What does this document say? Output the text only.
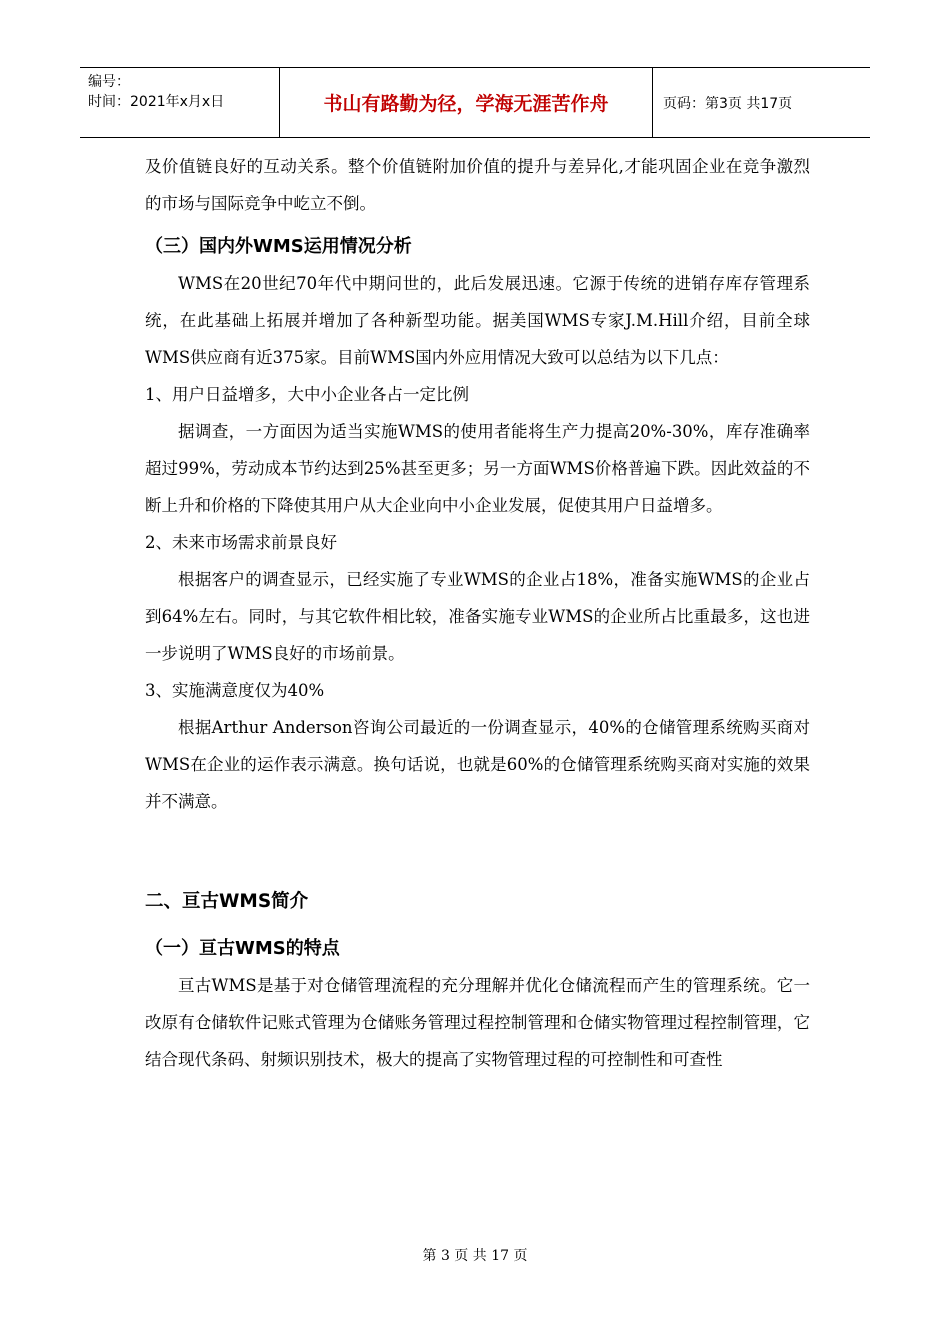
编号：
时间：2021年x月x日	书山有路勤为径，学海无涯苦作舟	页码：第3页 共17页

及价值链良好的互动关系。整个价值链附加价值的提升与差异化,才能巩固企业在竞争激烈的市场与国际竞争中屹立不倒。

（三）国内外WMS运用情况分析

WMS在20世纪70年代中期问世的，此后发展迅速。它源于传统的进销存库存管理系统，在此基础上拓展并增加了各种新型功能。据美国WMS专家J.M.Hill介绍，目前全球WMS供应商有近375家。目前WMS国内外应用情况大致可以总结为以下几点：

1、用户日益增多，大中小企业各占一定比例

据调查，一方面因为适当实施WMS的使用者能将生产力提高20%-30%，库存准确率超过99%，劳动成本节约达到25%甚至更多；另一方面WMS价格普遍下跌。因此效益的不断上升和价格的下降使其用户从大企业向中小企业发展，促使其用户日益增多。

2、未来市场需求前景良好

根据客户的调查显示，已经实施了专业WMS的企业占18%，准备实施WMS的企业占到64%左右。同时，与其它软件相比较，准备实施专业WMS的企业所占比重最多，这也进一步说明了WMS良好的市场前景。

3、实施满意度仅为40%

根据Arthur Anderson咨询公司最近的一份调查显示，40%的仓储管理系统购买商对WMS在企业的运作表示满意。换句话说，也就是60%的仓储管理系统购买商对实施的效果并不满意。

二、亘古WMS简介
（一）亘古WMS的特点

亘古WMS是基于对仓储管理流程的充分理解并优化仓储流程而产生的管理系统。它一改原有仓储软件记账式管理为仓储账务管理过程控制管理和仓储实物管理过程控制管理，它结合现代条码、射频识别技术，极大的提高了实物管理过程的可控制性和可查性

第 3 页 共 17 页
